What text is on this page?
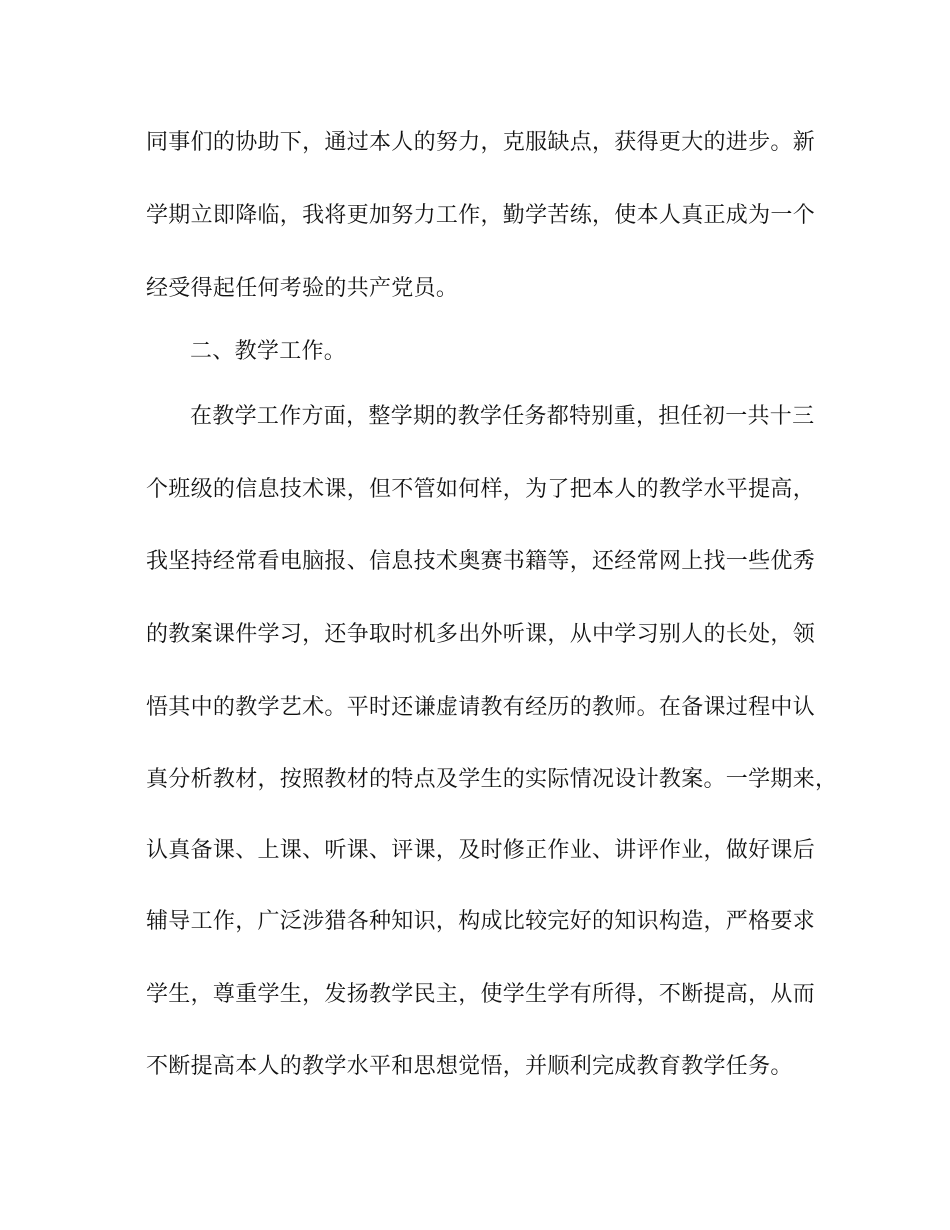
同事们的协助下，通过本人的努力，克服缺点，获得更大的进步。新
学期立即降临，我将更加努力工作，勤学苦练，使本人真正成为一个
经受得起任何考验的共产党员。
二、教学工作。
在教学工作方面，整学期的教学任务都特别重，担任初一共十三
个班级的信息技术课，但不管如何样，为了把本人的教学水平提高，
我坚持经常看电脑报、信息技术奥赛书籍等，还经常网上找一些优秀
的教案课件学习，还争取时机多出外听课，从中学习别人的长处，领
悟其中的教学艺术。平时还谦虚请教有经历的教师。在备课过程中认
真分析教材，按照教材的特点及学生的实际情况设计教案。一学期来，
认真备课、上课、听课、评课，及时修正作业、讲评作业，做好课后
辅导工作，广泛涉猎各种知识，构成比较完好的知识构造，严格要求
学生，尊重学生，发扬教学民主，使学生学有所得，不断提高，从而
不断提高本人的教学水平和思想觉悟，并顺利完成教育教学任务。
